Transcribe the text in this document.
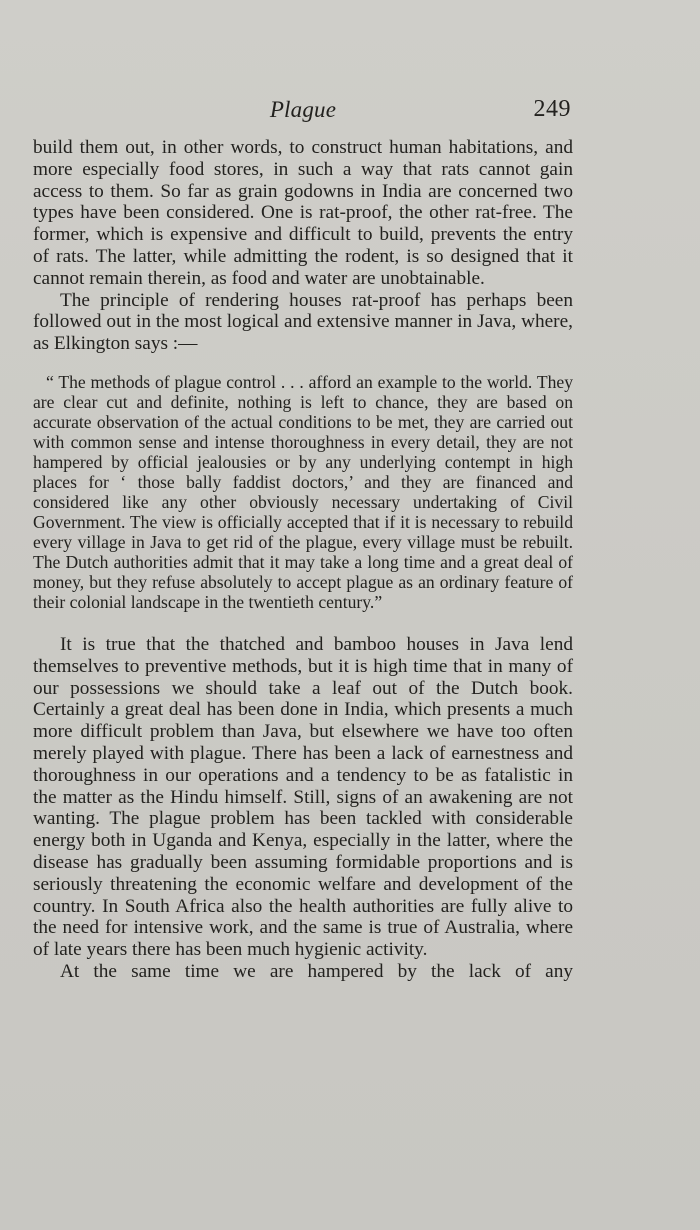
Plague	249

build them out, in other words, to construct human habitations, and more especially food stores, in such a way that rats cannot gain access to them. So far as grain godowns in India are concerned two types have been considered. One is rat-proof, the other rat-free. The former, which is expensive and difficult to build, prevents the entry of rats. The latter, while admitting the rodent, is so designed that it cannot remain therein, as food and water are unobtainable.

The principle of rendering houses rat-proof has perhaps been followed out in the most logical and extensive manner in Java, where, as Elkington says :—

“ The methods of plague control . . . afford an example to the world. They are clear cut and definite, nothing is left to chance, they are based on accurate observation of the actual conditions to be met, they are carried out with common sense and intense thoroughness in every detail, they are not hampered by official jealousies or by any underlying contempt in high places for ‘ those bally faddist doctors,’ and they are financed and considered like any other obviously necessary undertaking of Civil Government. The view is officially accepted that if it is necessary to rebuild every village in Java to get rid of the plague, every village must be rebuilt. The Dutch authorities admit that it may take a long time and a great deal of money, but they refuse absolutely to accept plague as an ordinary feature of their colonial landscape in the twentieth century.”

It is true that the thatched and bamboo houses in Java lend themselves to preventive methods, but it is high time that in many of our possessions we should take a leaf out of the Dutch book. Certainly a great deal has been done in India, which presents a much more difficult problem than Java, but elsewhere we have too often merely played with plague. There has been a lack of earnestness and thoroughness in our operations and a tendency to be as fatalistic in the matter as the Hindu himself. Still, signs of an awakening are not wanting. The plague problem has been tackled with considerable energy both in Uganda and Kenya, especially in the latter, where the disease has gradually been assuming formidable proportions and is seriously threatening the economic welfare and development of the country. In South Africa also the health authorities are fully alive to the need for intensive work, and the same is true of Australia, where of late years there has been much hygienic activity.

At the same time we are hampered by the lack of any
